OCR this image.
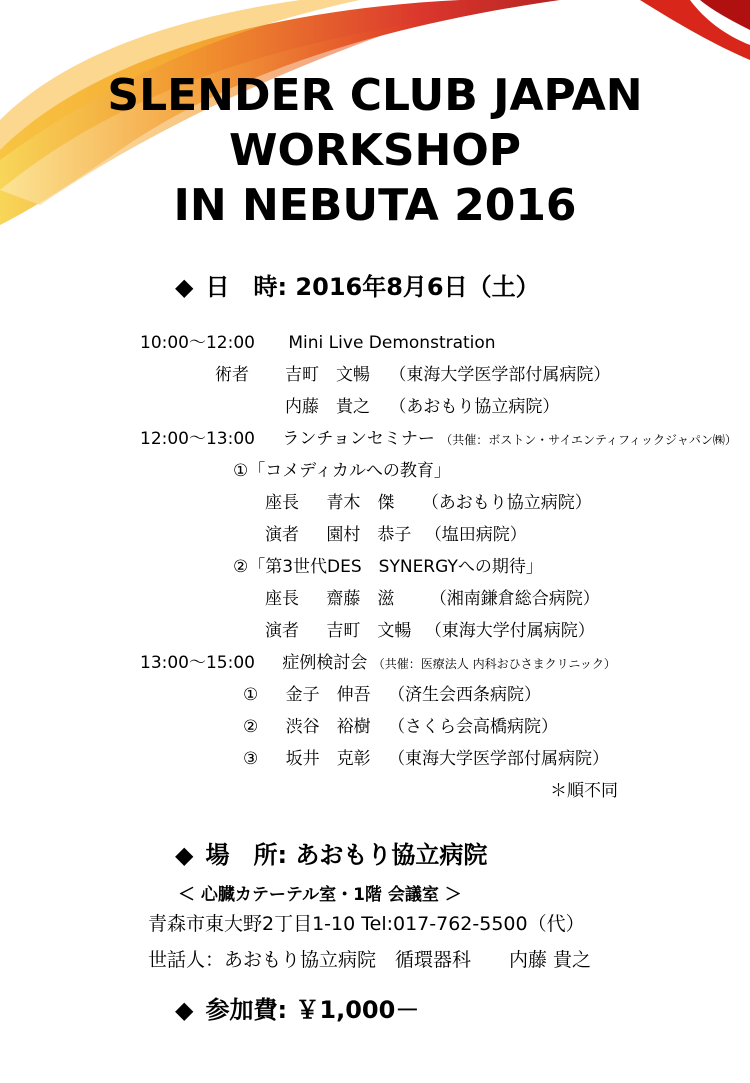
SLENDER CLUB JAPAN
WORKSHOP
IN NEBUTA 2016
◆ 日　時: 2016年8月6日（土）
10:00～12:00 Mini Live Demonstration
術者 吉町　文暢 （東海大学医学部付属病院）
内藤　貴之 （あおもり協立病院）
12:00～13:00 ランチョンセミナー （共催：ボストン・サイエンティフィックジャパン㈱）
①「コメディカルへの教育」
座長 青木　傑 （あおもり協立病院）
演者 園村　恭子 （塩田病院）
②「第3世代DES　SYNERGYへの期待」
座長 齋藤　滋 （湘南鎌倉総合病院）
演者 吉町　文暢 （東海大学付属病院）
13:00～15:00 症例検討会 （共催：医療法人 内科おひさまクリニック）
① 金子　伸吾 （済生会西条病院）
② 渋谷　裕樹 （さくら会高橋病院）
③ 坂井　克彰 （東海大学医学部付属病院）
＊順不同
◆ 場　所: あおもり協立病院
＜ 心臓カテーテル室・1階 会議室 ＞
青森市東大野2丁目1-10 Tel:017-762-5500（代）
世話人：あおもり協立病院　循環器科　　内藤 貴之
◆ 参加費: ￥1,000－
